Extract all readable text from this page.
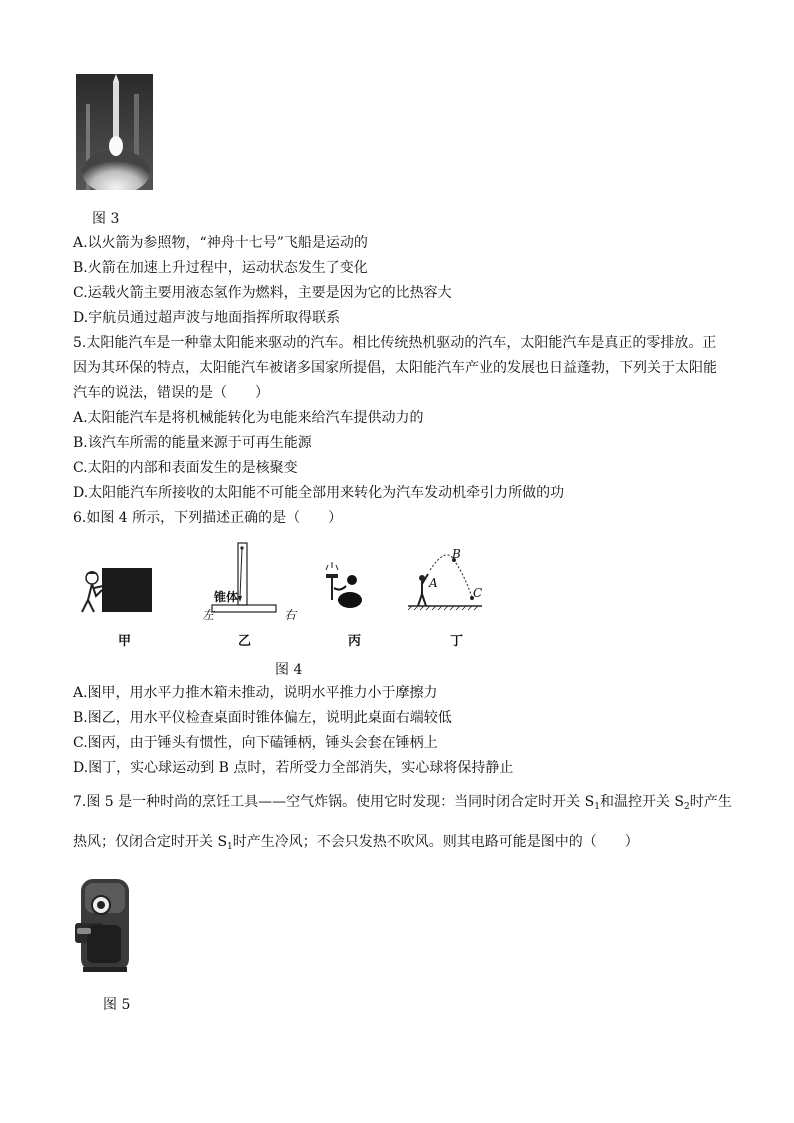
图 3
A.以火箭为参照物，“神舟十七号”飞船是运动的
B.火箭在加速上升过程中，运动状态发生了变化
C.运载火箭主要用液态氢作为燃料，主要是因为它的比热容大
D.宇航员通过超声波与地面指挥所取得联系
5.太阳能汽车是一种靠太阳能来驱动的汽车。相比传统热机驱动的汽车，太阳能汽车是真正的零排放。正
因为其环保的特点，太阳能汽车被诸多国家所提倡，太阳能汽车产业的发展也日益蓬勃，下列关于太阳能
汽车的说法，错误的是（　　）
A.太阳能汽车是将机械能转化为电能来给汽车提供动力的
B.该汽车所需的能量来源于可再生能源
C.太阳的内部和表面发生的是核聚变
D.太阳能汽车所接收的太阳能不可能全部用来转化为汽车发动机牵引力所做的功
6.如图 4 所示，下列描述正确的是（　　）
锥体
左	右
A
B
C
甲	乙	丙	丁
图 4
A.图甲，用水平力推木箱未推动，说明水平推力小于摩擦力
B.图乙，用水平仪检查桌面时锥体偏左，说明此桌面右端较低
C.图丙，由于锤头有惯性，向下磕锤柄，锤头会套在锤柄上
D.图丁，实心球运动到 B 点时，若所受力全部消失，实心球将保持静止
7.图 5 是一种时尚的烹饪工具——空气炸锅。使用它时发现：当同时闭合定时开关 $S_1$和温控开关 $S_2$时产生
热风；仅闭合定时开关 $S_1$时产生冷风；不会只发热不吹风。则其电路可能是图中的（　　）
图 5
